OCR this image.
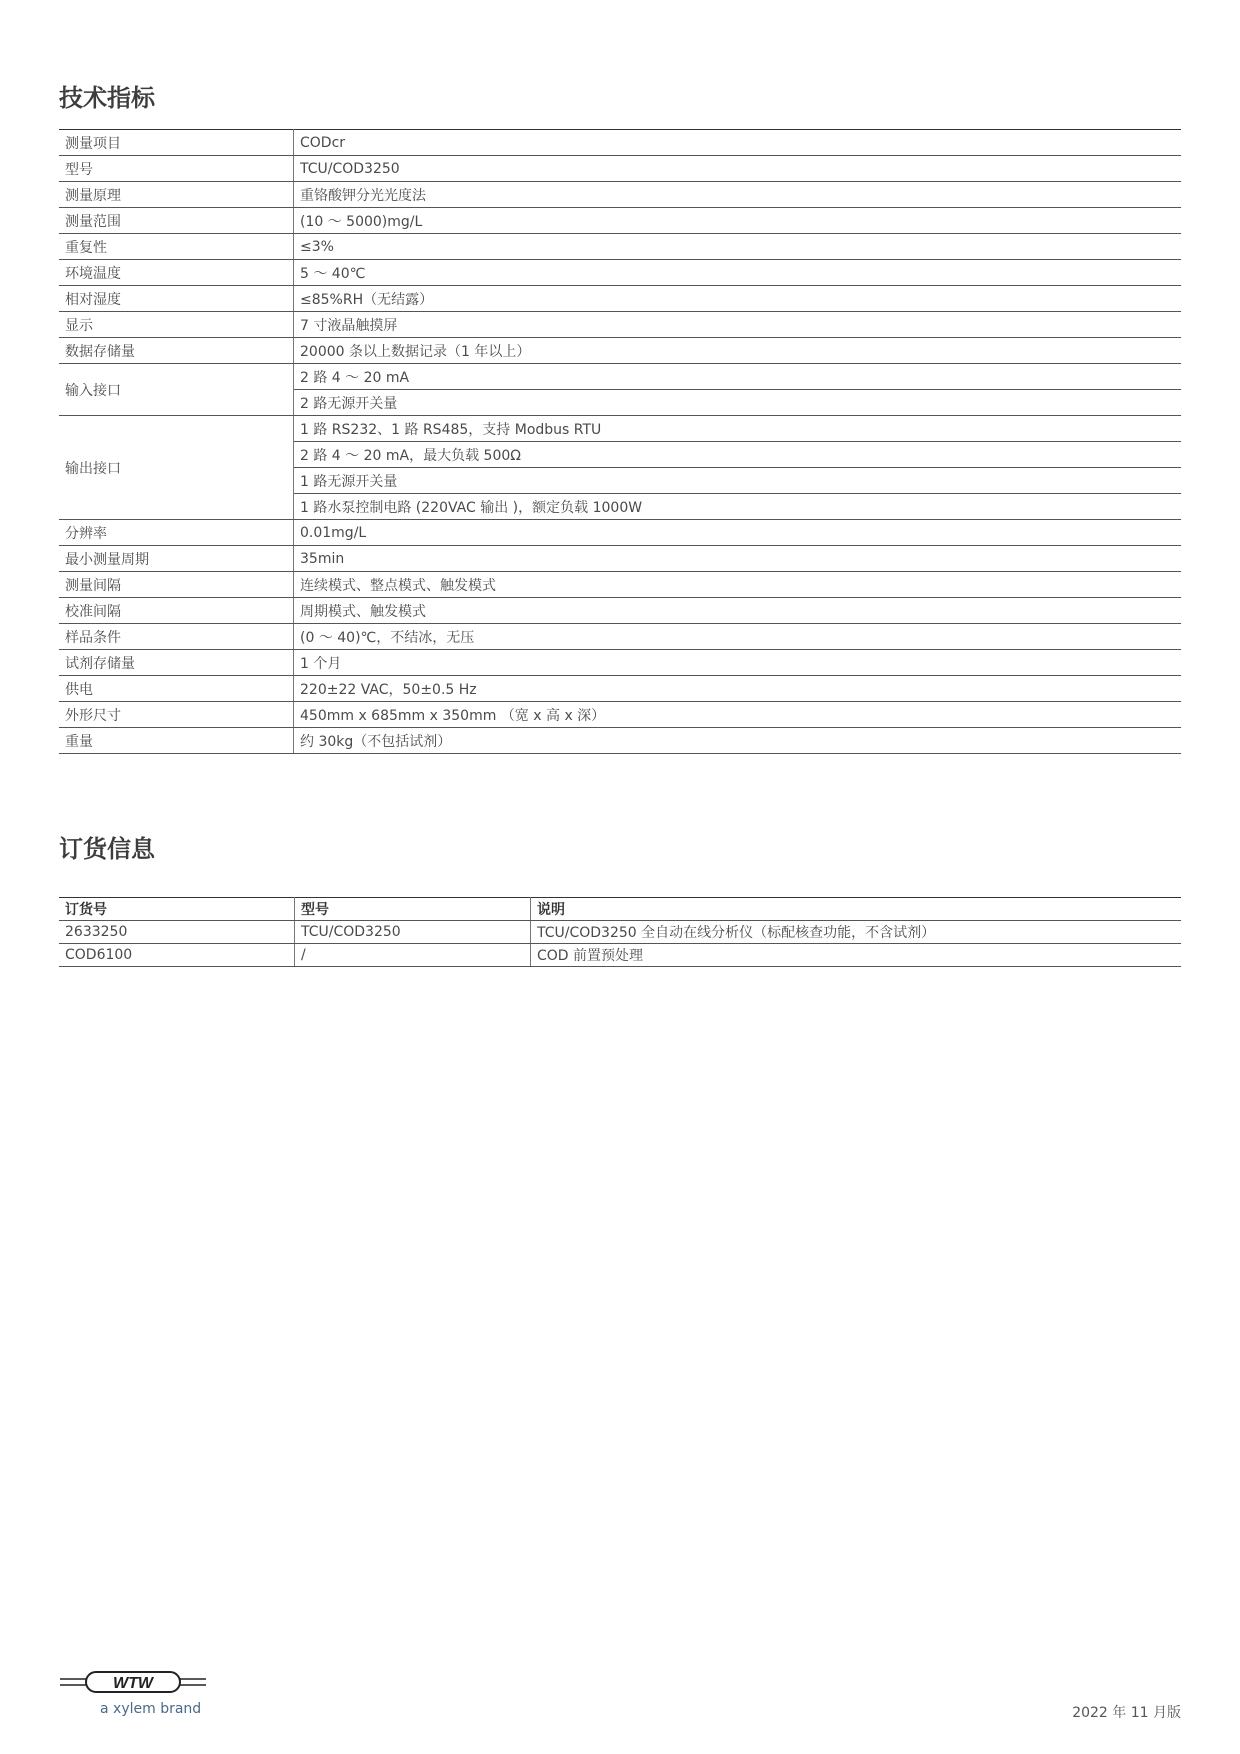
技术指标
测量项目	CODcr
型号	TCU/COD3250
测量原理	重铬酸钾分光光度法
测量范围	(10 ～ 5000)mg/L
重复性	≤3%
环境温度	5 ～ 40℃
相对湿度	≤85%RH（无结露）
显示	7 寸液晶触摸屏
数据存储量	20000 条以上数据记录（1 年以上）
输入接口	2 路 4 ～ 20 mA
	2 路无源开关量
输出接口	1 路 RS232、1 路 RS485，支持 Modbus RTU
	2 路 4 ～ 20 mA，最大负载 500Ω
	1 路无源开关量
	1 路水泵控制电路 (220VAC 输出 )，额定负载 1000W
分辨率	0.01mg/L
最小测量周期	35min
测量间隔	连续模式、整点模式、触发模式
校准间隔	周期模式、触发模式
样品条件	(0 ～ 40)℃，不结冰，无压
试剂存储量	1 个月
供电	220±22 VAC，50±0.5 Hz
外形尺寸	450mm x 685mm x 350mm （宽 x 高 x 深）
重量	约 30kg（不包括试剂）
订货信息
订货号	型号	说明
2633250	TCU/COD3250	TCU/COD3250 全自动在线分析仪（标配核查功能，不含试剂）
COD6100	/	COD 前置预处理
WTW
a xylem brand	2022 年 11 月版
